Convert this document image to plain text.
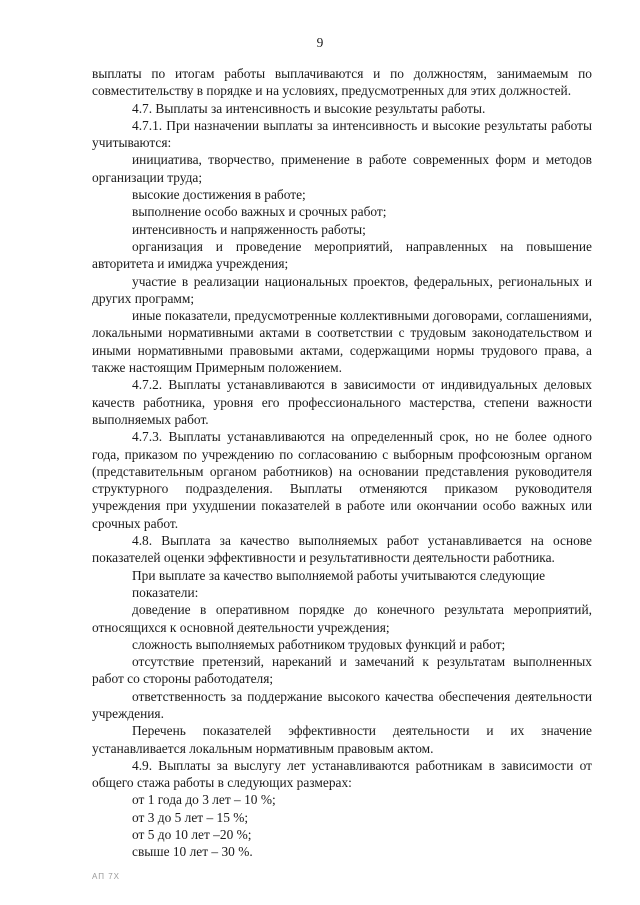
9

выплаты по итогам работы выплачиваются и по должностям, занимаемым по совместительству в порядке и на условиях, предусмотренных для этих должностей.

4.7. Выплаты за интенсивность и высокие результаты работы.

4.7.1. При назначении выплаты за интенсивность и высокие результаты работы учитываются:

инициатива, творчество, применение в работе современных форм и методов организации труда;

высокие достижения в работе;

выполнение особо важных и срочных работ;

интенсивность и напряженность работы;

организация и проведение мероприятий, направленных на повышение авторитета и имиджа учреждения;

участие в реализации национальных проектов, федеральных, региональных и других программ;

иные показатели, предусмотренные коллективными договорами, соглашениями, локальными нормативными актами в соответствии с трудовым законодательством и иными нормативными правовыми актами, содержащими нормы трудового права, а также настоящим Примерным положением.

4.7.2. Выплаты устанавливаются в зависимости от индивидуальных деловых качеств работника, уровня его профессионального мастерства, степени важности выполняемых работ.

4.7.3. Выплаты устанавливаются на определенный срок, но не более одного года, приказом по учреждению по согласованию с выборным профсоюзным органом (представительным органом работников) на основании представления руководителя структурного подразделения. Выплаты отменяются приказом руководителя учреждения при ухудшении показателей в работе или окончании особо важных или срочных работ.

4.8. Выплата за качество выполняемых работ устанавливается на основе показателей оценки эффективности и результативности деятельности работника.

При выплате за качество выполняемой работы учитываются следующие

показатели:

доведение в оперативном порядке до конечного результата мероприятий, относящихся к основной деятельности учреждения;

сложность выполняемых работником трудовых функций и работ;

отсутствие претензий, нареканий и замечаний к результатам выполненных работ со стороны работодателя;

ответственность за поддержание высокого качества обеспечения деятельности учреждения.

Перечень показателей эффективности деятельности и их значение устанавливается локальным нормативным правовым актом.

4.9. Выплаты за выслугу лет устанавливаются работникам в зависимости от общего стажа работы в следующих размерах:

от 1 года до 3 лет – 10 %;

от 3 до 5 лет – 15 %;

от 5 до 10 лет –20 %;

свыше 10 лет – 30 %.

АП 7Х
